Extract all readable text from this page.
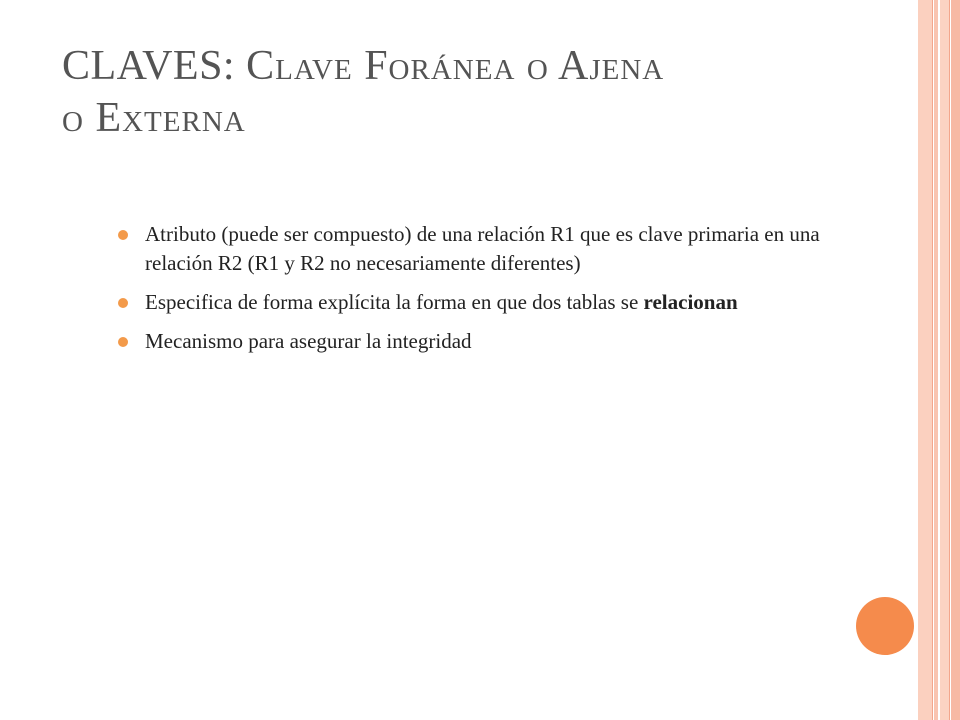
CLAVES: Clave Foránea o Ajena
o Externa
Atributo (puede ser compuesto) de una relación R1 que es clave primaria en una relación R2 (R1 y R2 no necesariamente diferentes)
Especifica de forma explícita la forma en que dos tablas se relacionan
Mecanismo para asegurar la integridad
